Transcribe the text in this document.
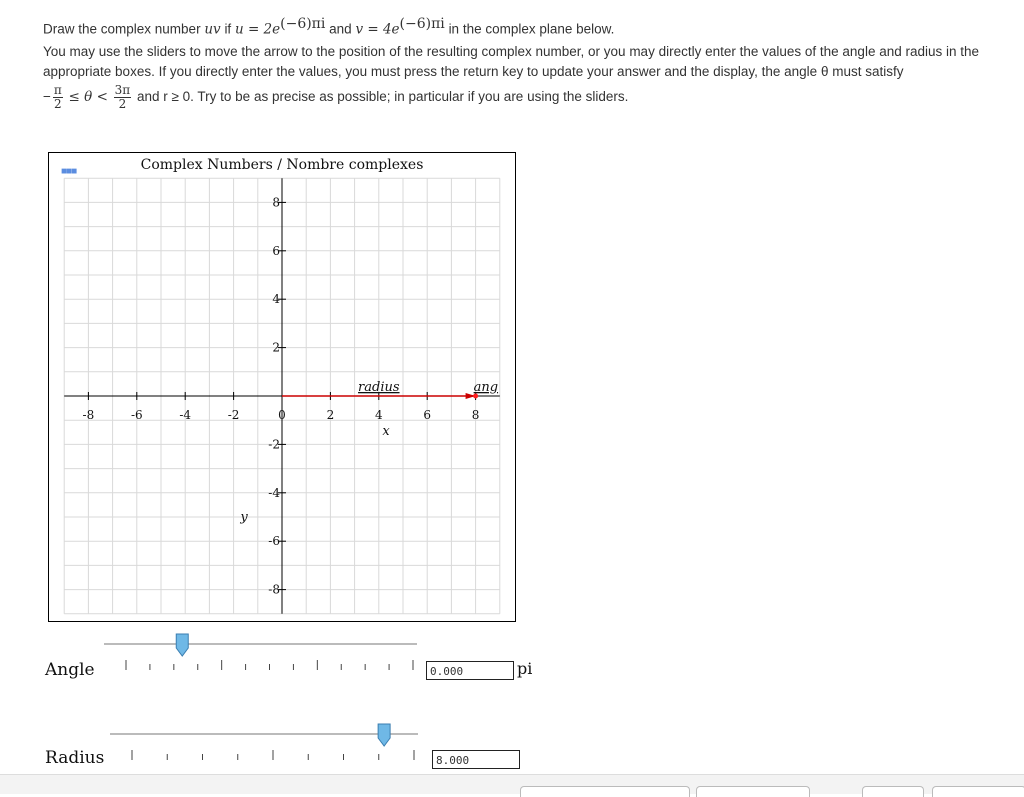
Draw the complex number uv if $u = 2e^{(-6)\pi i}$ and $v = 4e^{(-6)\pi i}$ in the complex plane below.
You may use the sliders to move the arrow to the position of the resulting complex number, or you may directly enter the values of the angle and radius in the appropriate boxes. If you directly enter the values, you must press the return key to update your answer and the display, the angle θ must satisfy
− $\frac{\pi}{2} \le \theta < \frac{3\pi}{2}$ and r ≥ 0. Try to be as precise as possible; in particular if you are using the sliders.
■■■	Complex Numbers / Nombre complexes
-8	-6	-4	-2	0	2	4	6	8
8
6
4
2
-2
-4
-6
-8
x
y
radius	ang
Angle	0.000	pi
Radius	8.000
